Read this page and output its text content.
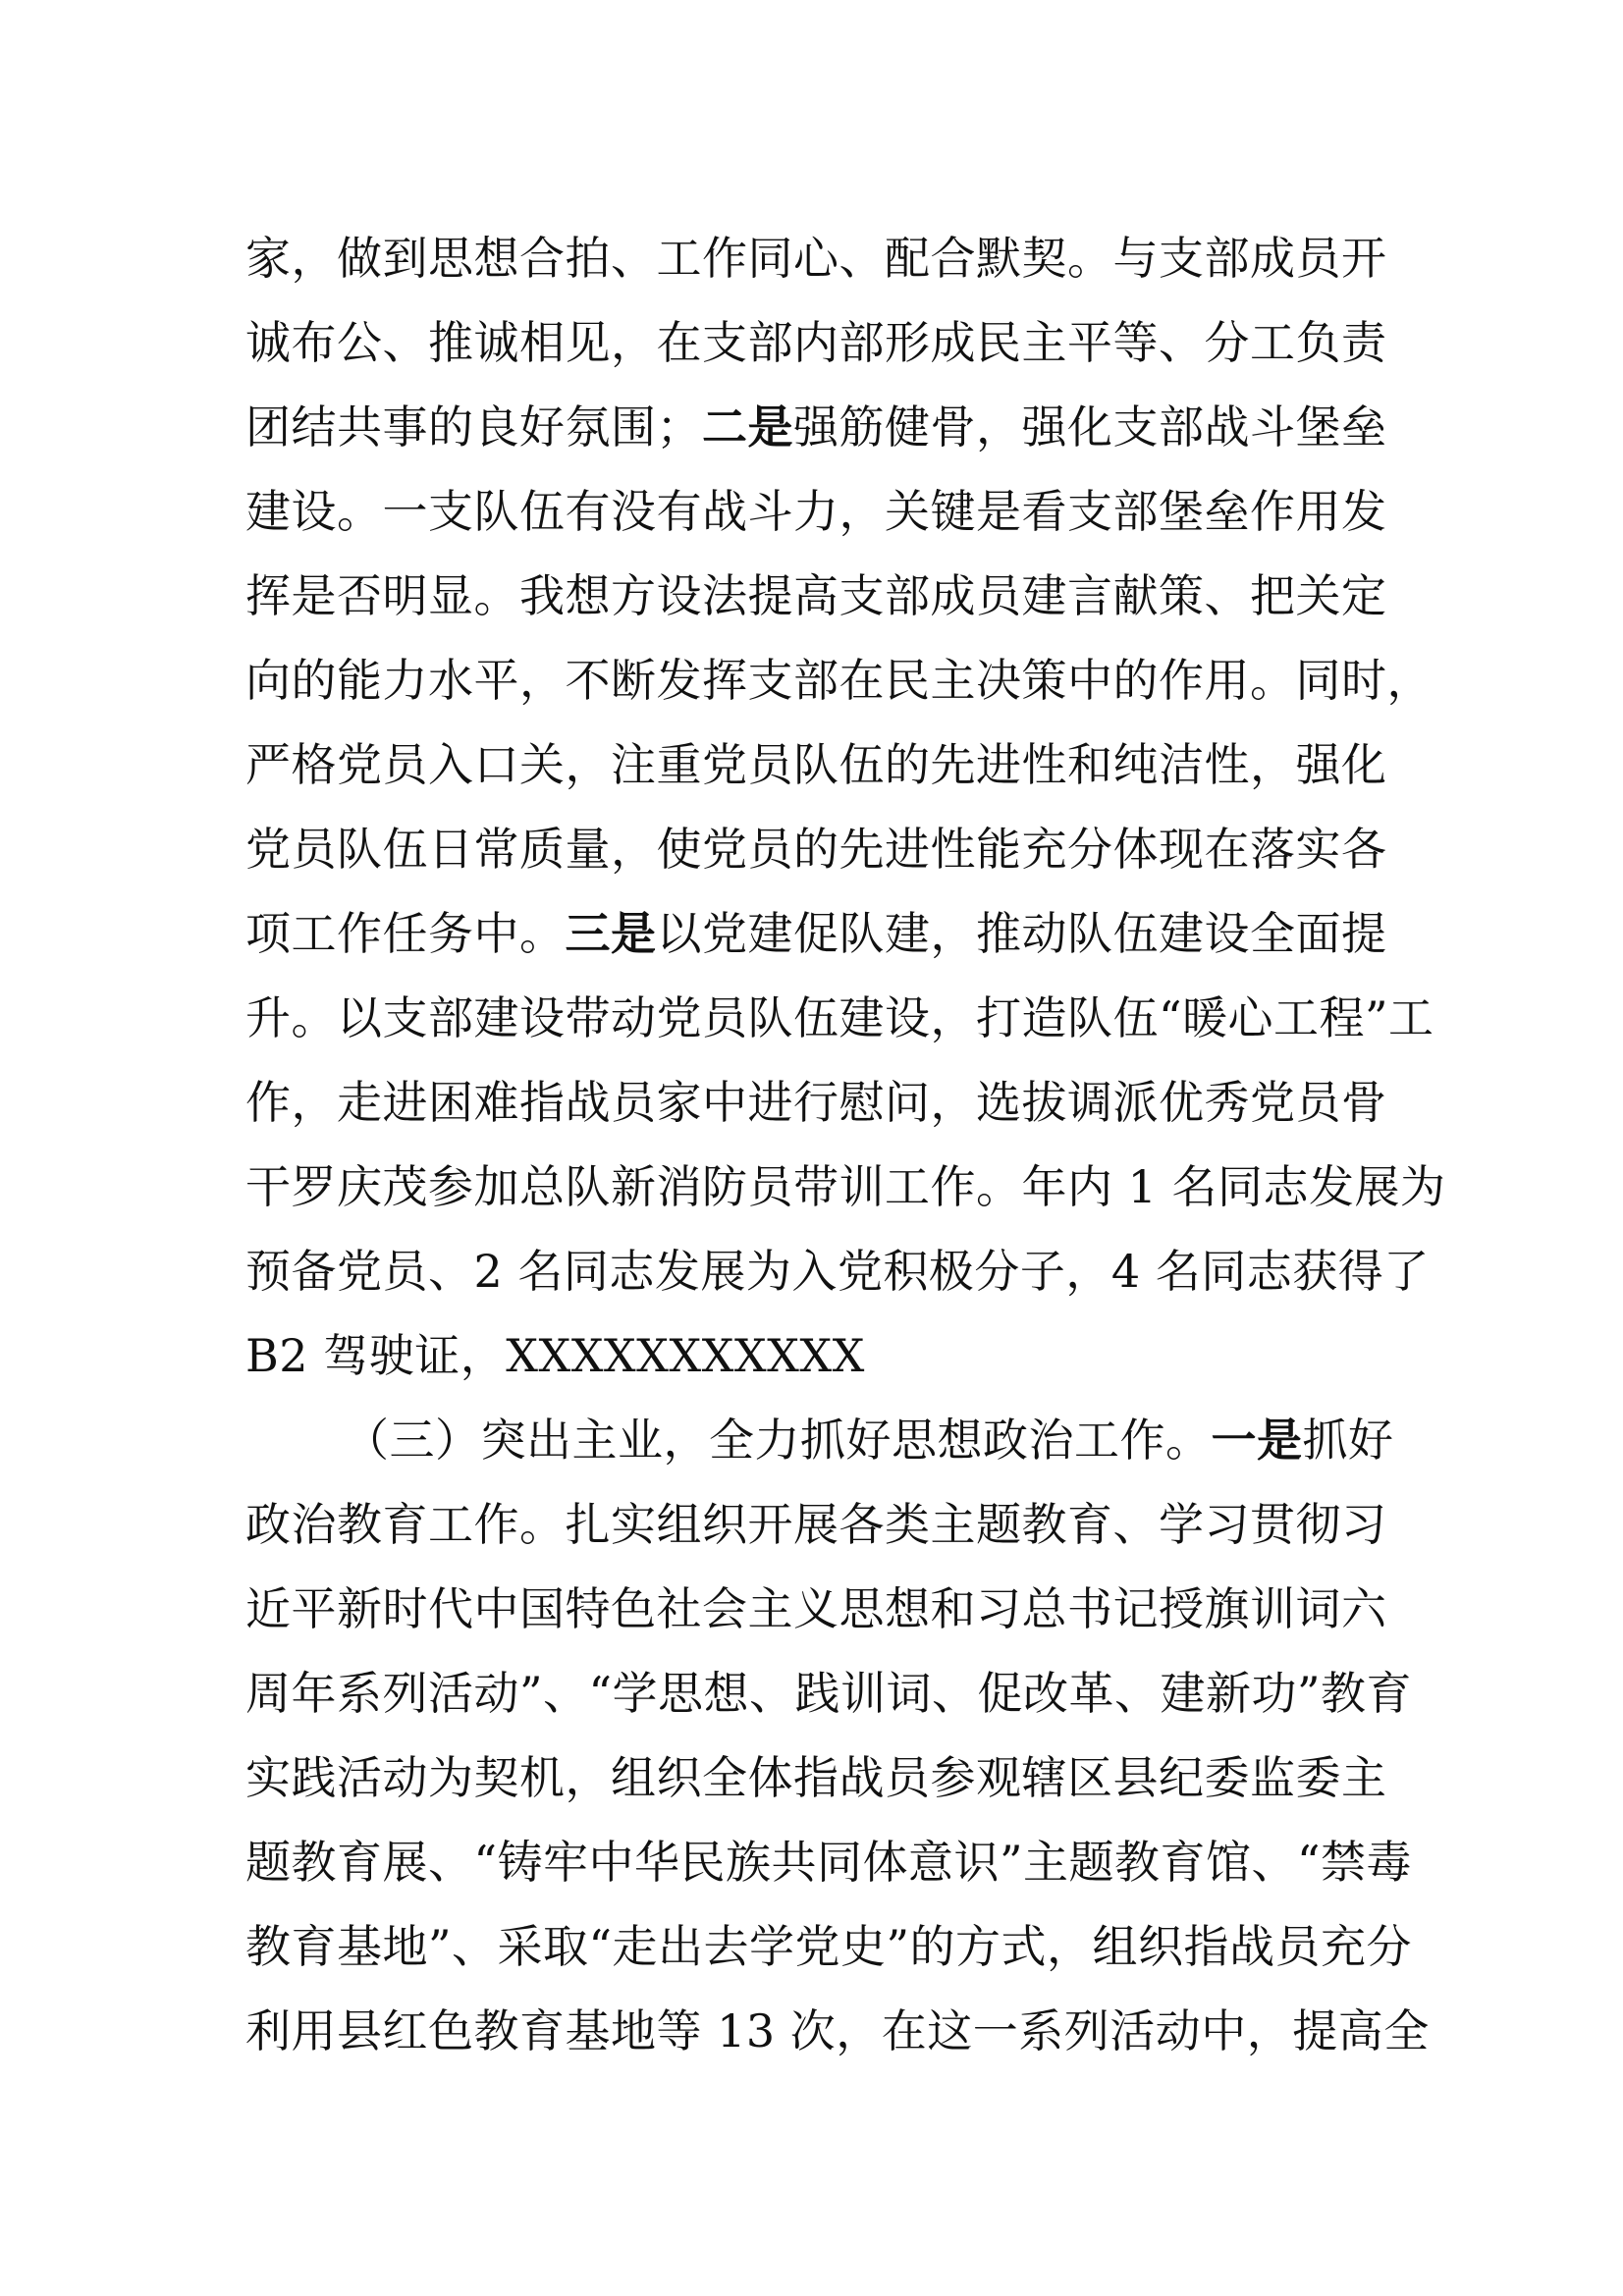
家，做到思想合拍、工作同心、配合默契。与支部成员开
诚布公、推诚相见，在支部内部形成民主平等、分工负责
团结共事的良好氛围；二是强筋健骨，强化支部战斗堡垒
建设。一支队伍有没有战斗力，关键是看支部堡垒作用发
挥是否明显。我想方设法提高支部成员建言献策、把关定
向的能力水平，不断发挥支部在民主决策中的作用。同时，
严格党员入口关，注重党员队伍的先进性和纯洁性，强化
党员队伍日常质量，使党员的先进性能充分体现在落实各
项工作任务中。三是以党建促队建，推动队伍建设全面提
升。以支部建设带动党员队伍建设，打造队伍“暖心工程”工
作，走进困难指战员家中进行慰问，选拔调派优秀党员骨
干罗庆茂参加总队新消防员带训工作。年内 1 名同志发展为
预备党员、2 名同志发展为入党积极分子，4 名同志获得了
B2 驾驶证，XXXXXXXXXXX
（三）突出主业，全力抓好思想政治工作。一是抓好
政治教育工作。扎实组织开展各类主题教育、学习贯彻习
近平新时代中国特色社会主义思想和习总书记授旗训词六
周年系列活动”、“学思想、践训词、促改革、建新功”教育
实践活动为契机，组织全体指战员参观辖区县纪委监委主
题教育展、“铸牢中华民族共同体意识”主题教育馆、“禁毒
教育基地”、采取“走出去学党史”的方式，组织指战员充分
利用县红色教育基地等 13 次，在这一系列活动中，提高全
